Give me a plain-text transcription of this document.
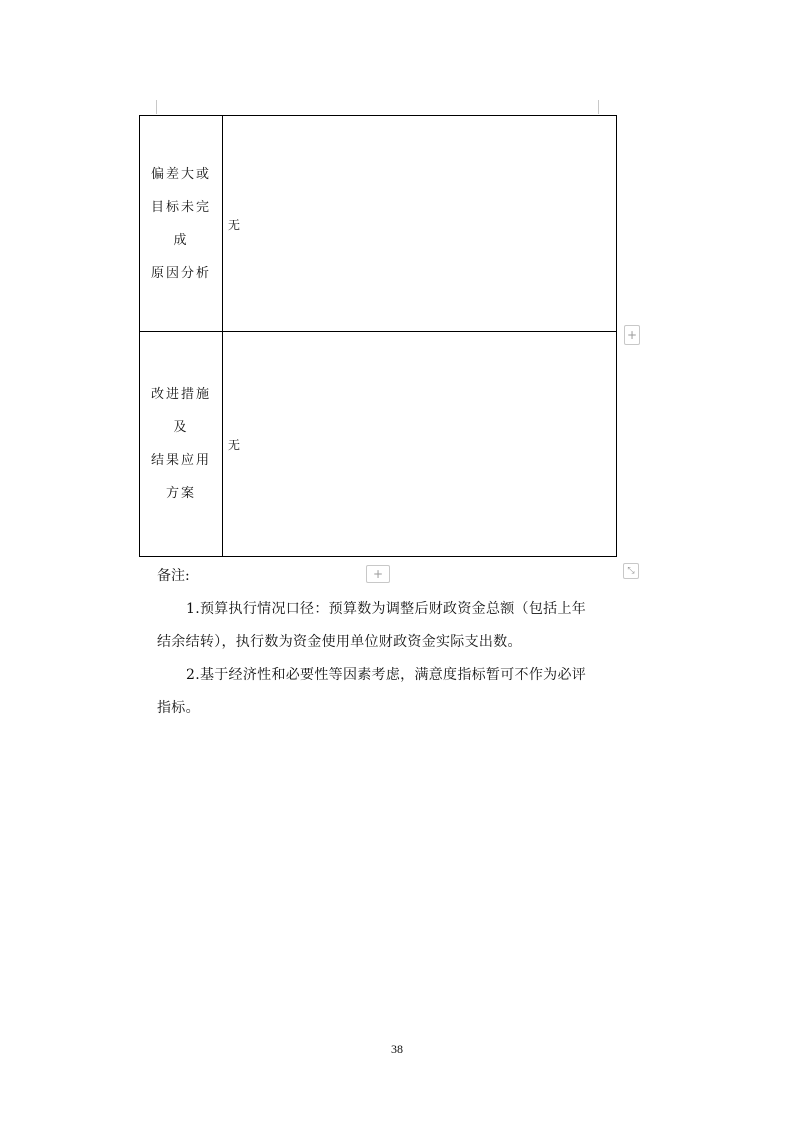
偏差大或
目标未完
成
原因分析
无
改进措施
及
结果应用
方案
无
+
+	⤡
备注:
1.预算执行情况口径：预算数为调整后财政资金总额（包括上年
结余结转），执行数为资金使用单位财政资金实际支出数。
2.基于经济性和必要性等因素考虑，满意度指标暂可不作为必评
指标。
38
